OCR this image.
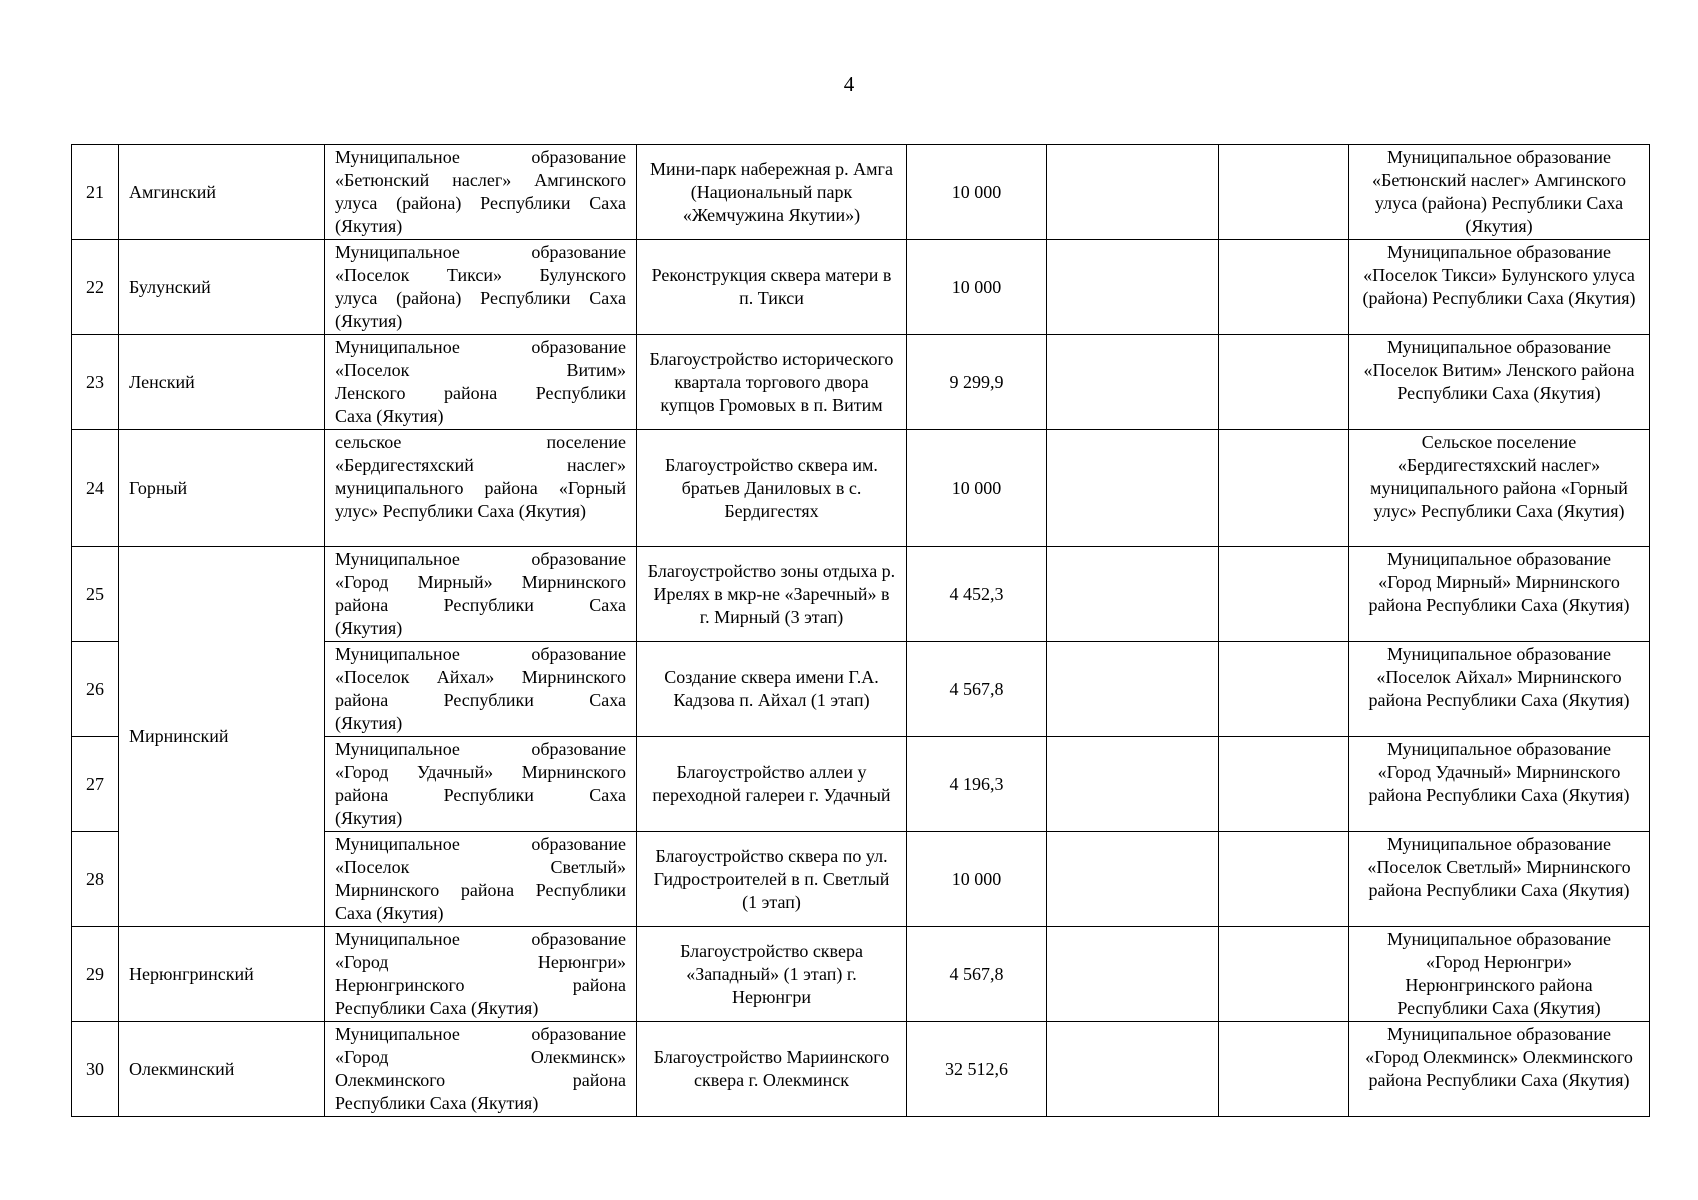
4
21	Амгинский	Муниципальное образование
«Бетюнский наслег» Амгинского
улуса (района) Республики Саха
(Якутия)	Мини-парк набережная р. Амга (Национальный парк «Жемчужина Якутии»)	10 000			Муниципальное образование «Бетюнский наслег» Амгинского улуса (района) Республики Саха (Якутия)
22	Булунский	Муниципальное образование
«Поселок Тикси» Булунского
улуса (района) Республики Саха
(Якутия)	Реконструкция сквера матери в п. Тикси	10 000			Муниципальное образование «Поселок Тикси» Булунского улуса (района) Республики Саха (Якутия)
23	Ленский	Муниципальное образование
«Поселок Витим»
Ленского района Республики
Саха (Якутия)	Благоустройство исторического квартала торгового двора купцов Громовых в п. Витим	9 299,9			Муниципальное образование «Поселок Витим» Ленского района Республики Саха (Якутия)
24	Горный	сельское поселение
«Бердигестяхский наслег»
муниципального района «Горный
улус» Республики Саха (Якутия)	Благоустройство сквера им. братьев Даниловых в с. Бердигестях	10 000			Сельское поселение «Бердигестяхский наслег» муниципального района «Горный улус» Республики Саха (Якутия)
25	Мирнинский	Муниципальное образование
«Город Мирный» Мирнинского
района Республики Саха
(Якутия)	Благоустройство зоны отдыха р. Ирелях в мкр-не «Заречный» в г. Мирный (3 этап)	4 452,3			Муниципальное образование «Город Мирный» Мирнинского района Республики Саха (Якутия)
26		Муниципальное образование
«Поселок Айхал» Мирнинского
района Республики Саха
(Якутия)	Создание сквера имени Г.А. Кадзова п. Айхал (1 этап)	4 567,8			Муниципальное образование «Поселок Айхал» Мирнинского района Республики Саха (Якутия)
27		Муниципальное образование
«Город Удачный» Мирнинского
района Республики Саха
(Якутия)	Благоустройство аллеи у переходной галереи г. Удачный	4 196,3			Муниципальное образование «Город Удачный» Мирнинского района Республики Саха (Якутия)
28		Муниципальное образование
«Поселок Светлый»
Мирнинского района Республики
Саха (Якутия)	Благоустройство сквера по ул. Гидростроителей в п. Светлый (1 этап)	10 000			Муниципальное образование «Поселок Светлый» Мирнинского района Республики Саха (Якутия)
29	Нерюнгринский	Муниципальное образование
«Город Нерюнгри»
Нерюнгринского района
Республики Саха (Якутия)	Благоустройство сквера «Западный» (1 этап) г. Нерюнгри	4 567,8			Муниципальное образование «Город Нерюнгри» Нерюнгринского района Республики Саха (Якутия)
30	Олекминский	Муниципальное образование
«Город Олекминск»
Олекминского района
Республики Саха (Якутия)	Благоустройство Мариинского сквера г. Олекминск	32 512,6			Муниципальное образование «Город Олекминск» Олекминского района Республики Саха (Якутия)
